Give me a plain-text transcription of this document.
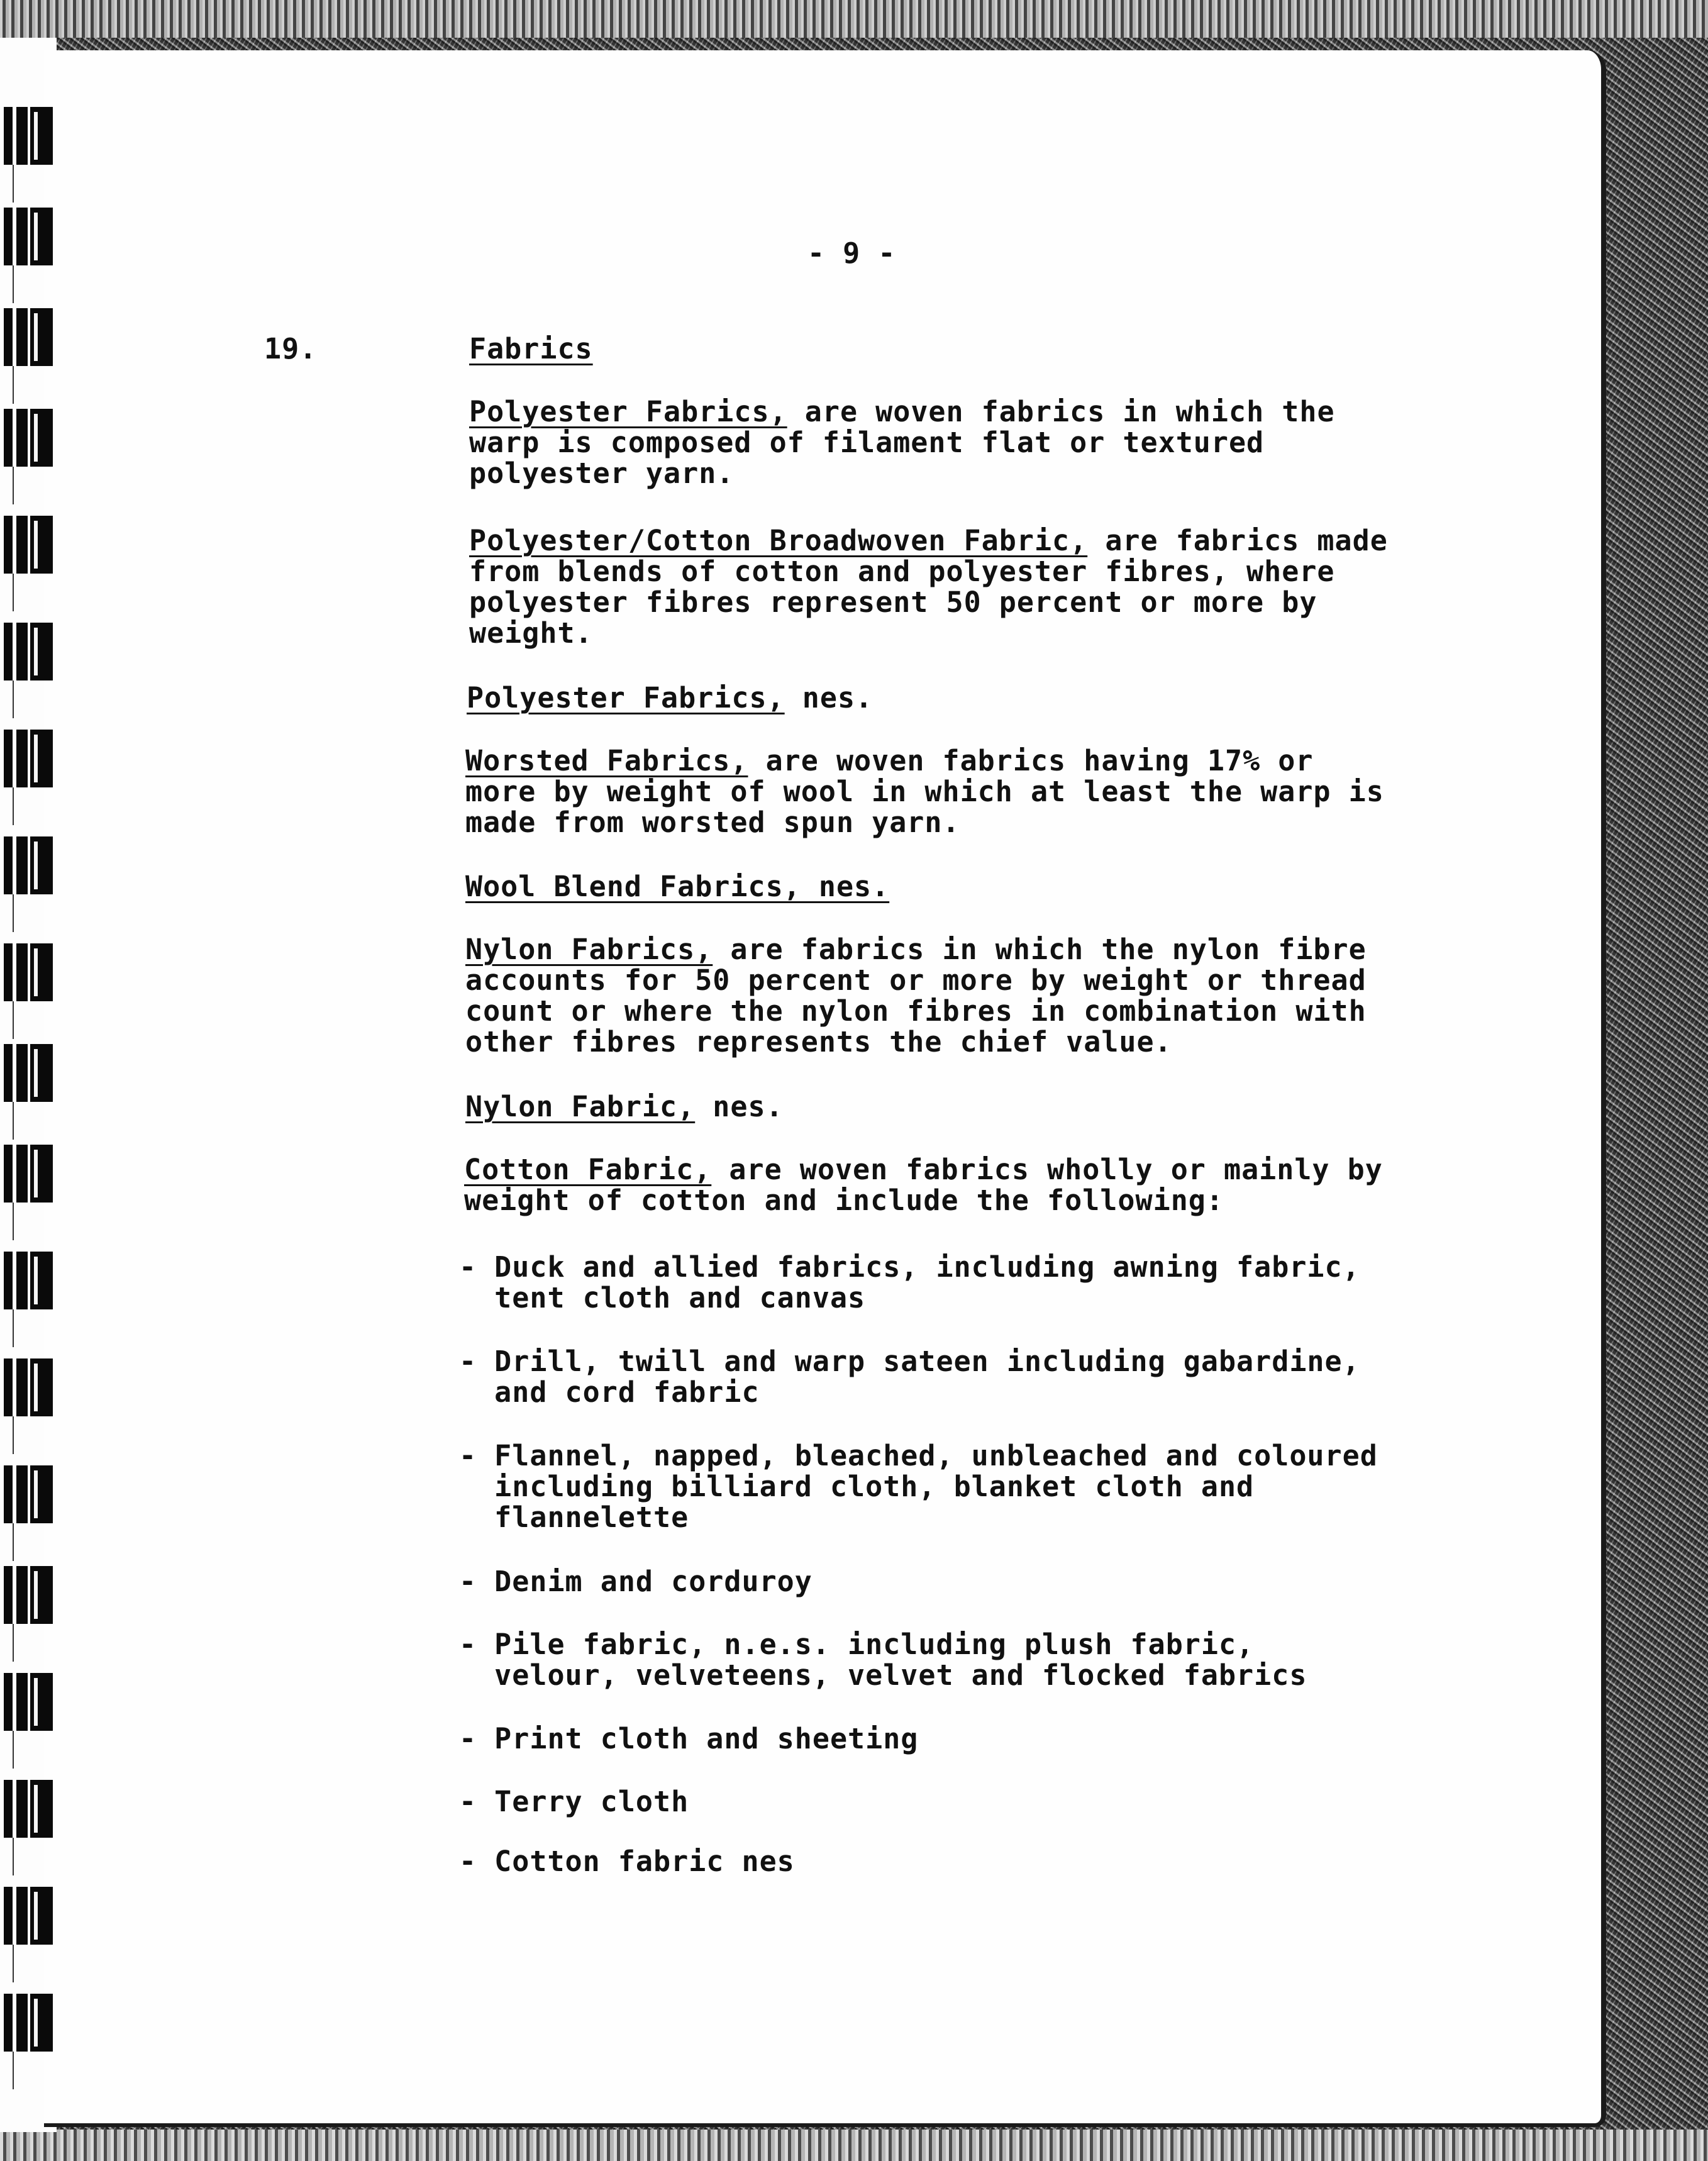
- 9 -
19.	Fabrics
Polyester Fabrics, are woven fabrics in which the
warp is composed of filament flat or textured
polyester yarn.
Polyester/Cotton Broadwoven Fabric, are fabrics made
from blends of cotton and polyester fibres, where
polyester fibres represent 50 percent or more by
weight.
Polyester Fabrics, nes.
Worsted Fabrics, are woven fabrics having 17% or
more by weight of wool in which at least the warp is
made from worsted spun yarn.
Wool Blend Fabrics, nes.
Nylon Fabrics, are fabrics in which the nylon fibre
accounts for 50 percent or more by weight or thread
count or where the nylon fibres in combination with
other fibres represents the chief value.
Nylon Fabric, nes.
Cotton Fabric, are woven fabrics wholly or mainly by
weight of cotton and include the following:
- Duck and allied fabrics, including awning fabric,
tent cloth and canvas
- Drill, twill and warp sateen including gabardine,
and cord fabric
- Flannel, napped, bleached, unbleached and coloured
including billiard cloth, blanket cloth and
flannelette
- Denim and corduroy
- Pile fabric, n.e.s. including plush fabric,
velour, velveteens, velvet and flocked fabrics
- Print cloth and sheeting
- Terry cloth
- Cotton fabric nes
